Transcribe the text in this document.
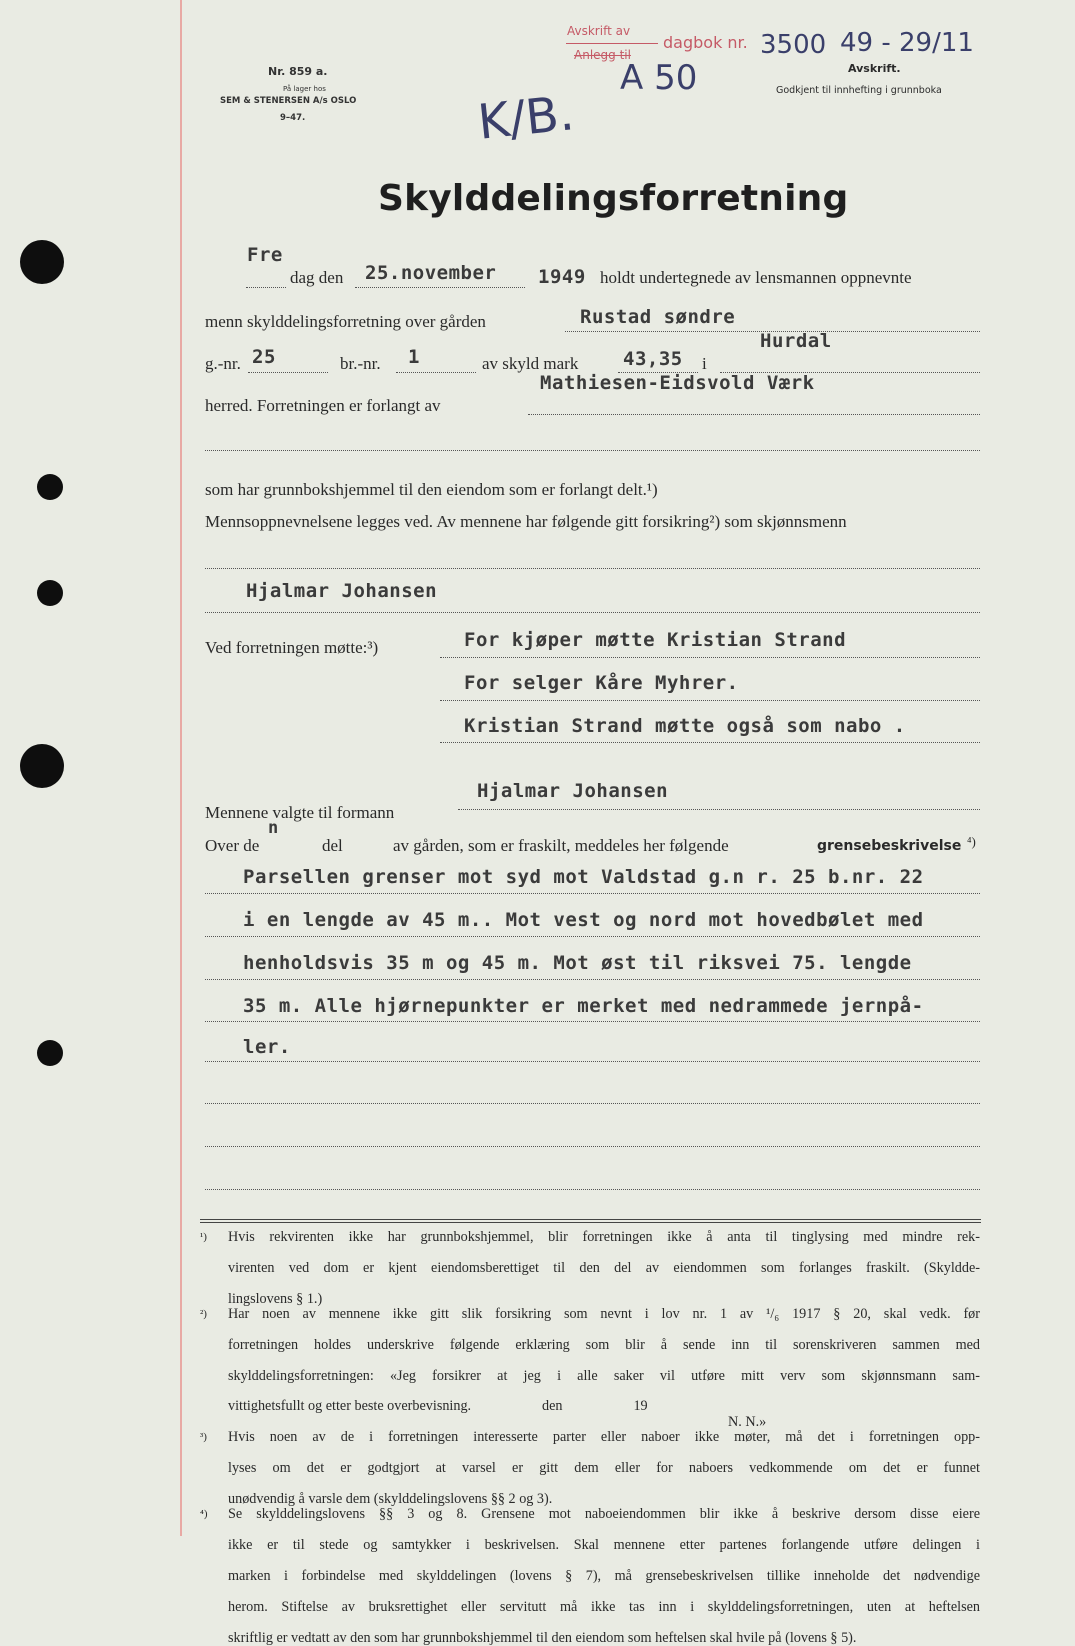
Nr. 859 a.
På lager hos
SEM & STENERSEN A/s OSLO
9–47.
Avskrift av
Anlegg til
dagbok nr. 3500 49 - 29/11
Avskrift.
Godkjent til innhefting i grunnboka
A 50
K/B.
Skylddelingsforretning
Fre
dag den 25.november 1949 holdt undertegnede av lensmannen oppnevnte
menn skylddelingsforretning over gården	Rustad søndre
g.-nr. 25	br.-nr. 1	av skyld mark 43,35 i
Hurdal
herred. Forretningen er forlangt av
Mathiesen-Eidsvold Værk
som har grunnbokshjemmel til den eiendom som er forlangt delt.¹)
Mennsoppnevnelsene legges ved. Av mennene har følgende gitt forsikring²) som skjønnsmenn
Hjalmar Johansen
Ved forretningen møtte:³)	For kjøper møtte Kristian Strand
For selger Kåre Myhrer.
Kristian Strand møtte også som nabo .
Hjalmar Johansen
Mennene valgte til formann
Over de
n
del	av gården, som er fraskilt, meddeles her følgende	grensebeskrivelse ⁴)
Parsellen grenser mot syd mot Valdstad g.n r. 25 b.nr. 22
i en lengde av 45 m.. Mot vest og nord mot hovedbølet med
henholdsvis 35 m og 45 m. Mot øst til riksvei 75. lengde
35 m. Alle hjørnepunkter er merket med nedrammede jernpå-
ler.
¹) Hvis rekvirenten ikke har grunnbokshjemmel, blir forretningen ikke å anta til tinglysing med mindre rek-
virenten ved dom er kjent eiendomsberettiget til den del av eiendommen som forlanges fraskilt. (Skyldde-
lingslovens § 1.)
²) Har noen av mennene ikke gitt slik forsikring som nevnt i lov nr. 1 av ¹/₆ 1917 § 20, skal vedk. før
forretningen holdes underskrive følgende erklæring som blir å sende inn til sorenskriveren sammen med
skylddelingsforretningen: «Jeg forsikrer at jeg i alle saker vil utføre mitt verv som skjønnsmann sam-
vittighetsfullt og etter beste overbevisning.                    den                    19
N. N.»
³) Hvis noen av de i forretningen interesserte parter eller naboer ikke møter, må det i forretningen opp-
lyses om det er godtgjort at varsel er gitt dem eller for naboers vedkommende om det er funnet
unødvendig å varsle dem (skylddelingslovens §§ 2 og 3).
⁴) Se skylddelingslovens §§ 3 og 8. Grensene mot naboeiendommen blir ikke å beskrive dersom disse eiere
ikke er til stede og samtykker i beskrivelsen. Skal mennene etter partenes forlangende utføre delingen i
marken i forbindelse med skylddelingen (lovens § 7), må grensebeskrivelsen tillike inneholde det nødvendige
herom. Stiftelse av bruksrettighet eller servitutt må ikke tas inn i skylddelingsforretningen, uten at heftelsen
skriftlig er vedtatt av den som har grunnbokshjemmel til den eiendom som heftelsen skal hvile på (lovens § 5).
